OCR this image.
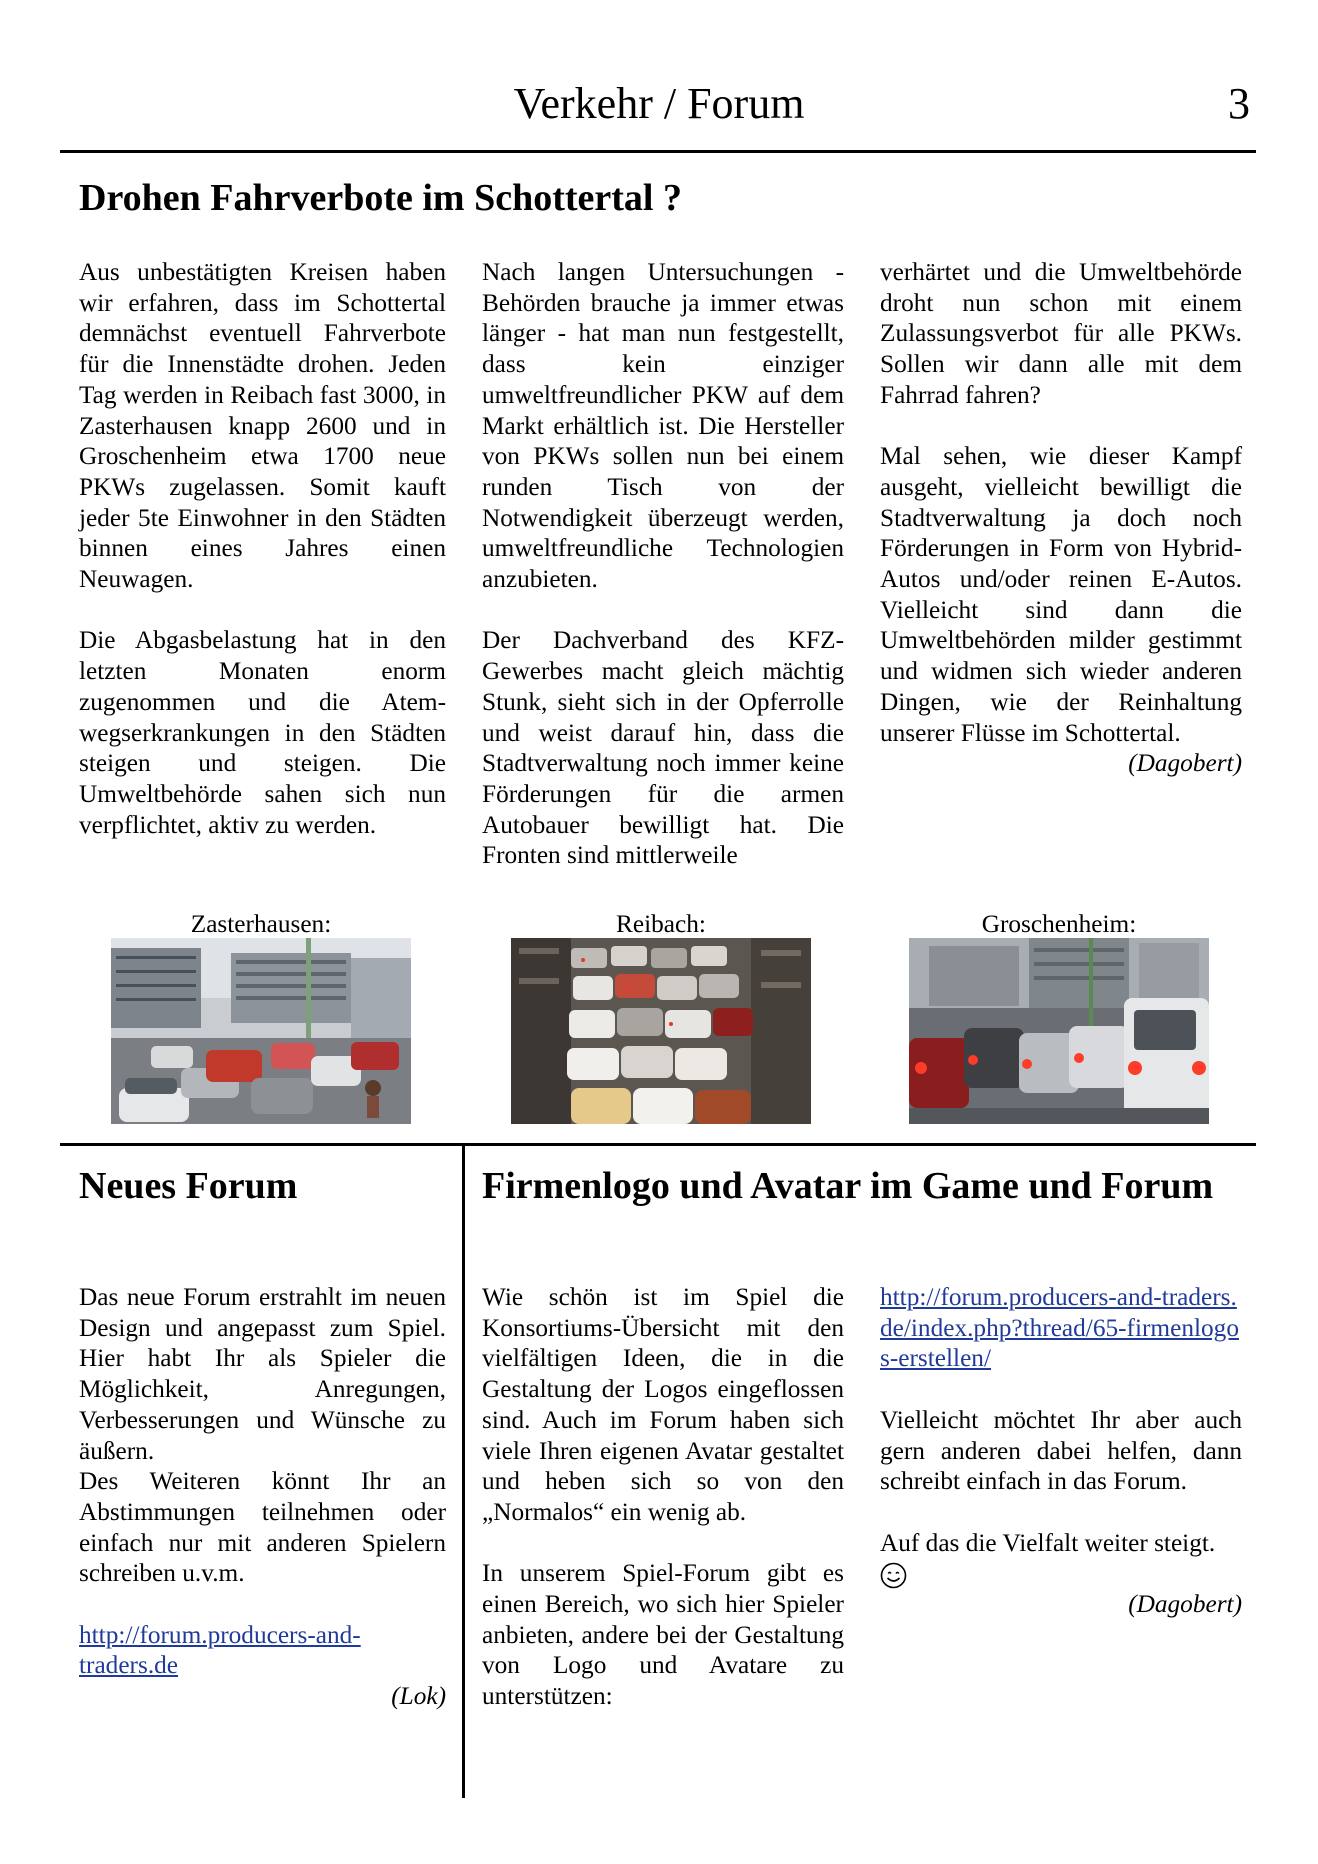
Verkehr / Forum	3
Drohen Fahrverbote im Schottertal ?

Aus unbestätigten Kreisen haben wir erfahren, dass im Schottertal demnächst eventuell Fahrverbote für die Innenstädte drohen. Jeden Tag werden in Reibach fast 3000, in Zasterhausen knapp 2600 und in Groschenheim etwa 1700 neue PKWs zugelassen. Somit kauft jeder 5te Einwohner in den Städten binnen eines Jahres einen Neuwagen.

Die Abgasbelastung hat in den letzten Monaten enorm zugenommen und die Atem-wegserkrankungen in den Städten steigen und steigen. Die Umweltbehörde sahen sich nun verpflichtet, aktiv zu werden.

Nach langen Untersuchungen - Behörden brauche ja immer etwas länger - hat man nun festgestellt, dass kein einziger umweltfreundlicher PKW auf dem Markt erhältlich ist. Die Hersteller von PKWs sollen nun bei einem runden Tisch von der Notwendigkeit überzeugt werden, umweltfreundliche Technologien anzubieten.

Der Dachverband des KFZ-Gewerbes macht gleich mächtig Stunk, sieht sich in der Opferrolle und weist darauf hin, dass die Stadtverwaltung noch immer keine Förderungen für die armen Autobauer bewilligt hat. Die Fronten sind mittlerweile

verhärtet und die Umweltbehörde droht nun schon mit einem Zulassungsverbot für alle PKWs. Sollen wir dann alle mit dem Fahrrad fahren?

Mal sehen, wie dieser Kampf ausgeht, vielleicht bewilligt die Stadtverwaltung ja doch noch Förderungen in Form von Hybrid-Autos und/oder reinen E-Autos. Vielleicht sind dann die Umweltbehörden milder gestimmt und widmen sich wieder anderen Dingen, wie der Reinhaltung unserer Flüsse im Schottertal.

(Dagobert)

Zasterhausen:	Reibach:	Groschenheim:
Neues Forum

Das neue Forum erstrahlt im neuen Design und angepasst zum Spiel. Hier habt Ihr als Spieler die Möglichkeit, Anregungen, Verbesserungen und Wünsche zu äußern.

Des Weiteren könnt Ihr an Abstimmungen teilnehmen oder einfach nur mit anderen Spielern schreiben u.v.m.

http://forum.producers-and-traders.de

(Lok)

Firmenlogo und Avatar im Game und Forum

Wie schön ist im Spiel die Konsortiums-Übersicht mit den vielfältigen Ideen, die in die Gestaltung der Logos eingeflossen sind. Auch im Forum haben sich viele Ihren eigenen Avatar gestaltet und heben sich so von den „Normalos“ ein wenig ab.

In unserem Spiel-Forum gibt es einen Bereich, wo sich hier Spieler anbieten, andere bei der Gestaltung von Logo und Avatare zu unterstützen:

http://forum.producers-and-traders.de/index.php?thread/65-firmenlogos-erstellen/

Vielleicht möchtet Ihr aber auch gern anderen dabei helfen, dann schreibt einfach in das Forum.

Auf das die Vielfalt weiter steigt.

(Dagobert)
